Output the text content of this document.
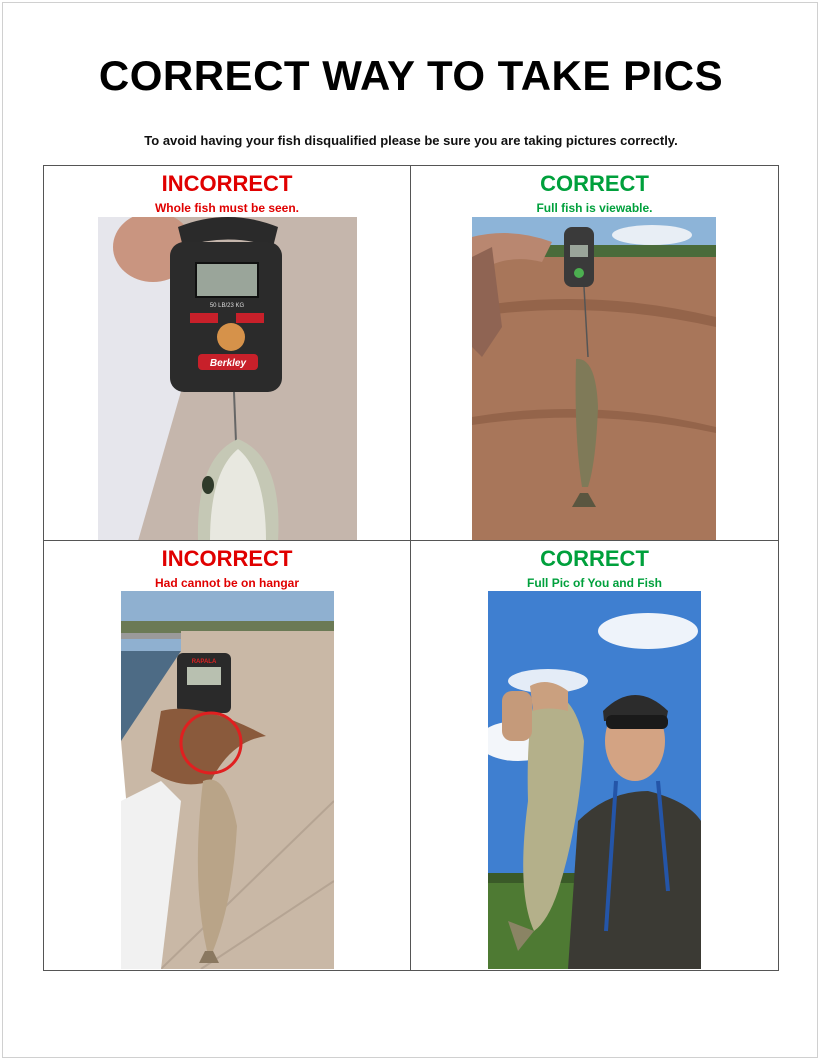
CORRECT WAY TO TAKE PICS
To avoid having your fish disqualified please be sure you are taking pictures correctly.
INCORRECT
Whole fish must be seen.
50 LB/23 KG
Berkley
CORRECT
Full fish is viewable.
INCORRECT
Had cannot be on hangar
RAPALA
CORRECT
Full Pic of You and Fish
